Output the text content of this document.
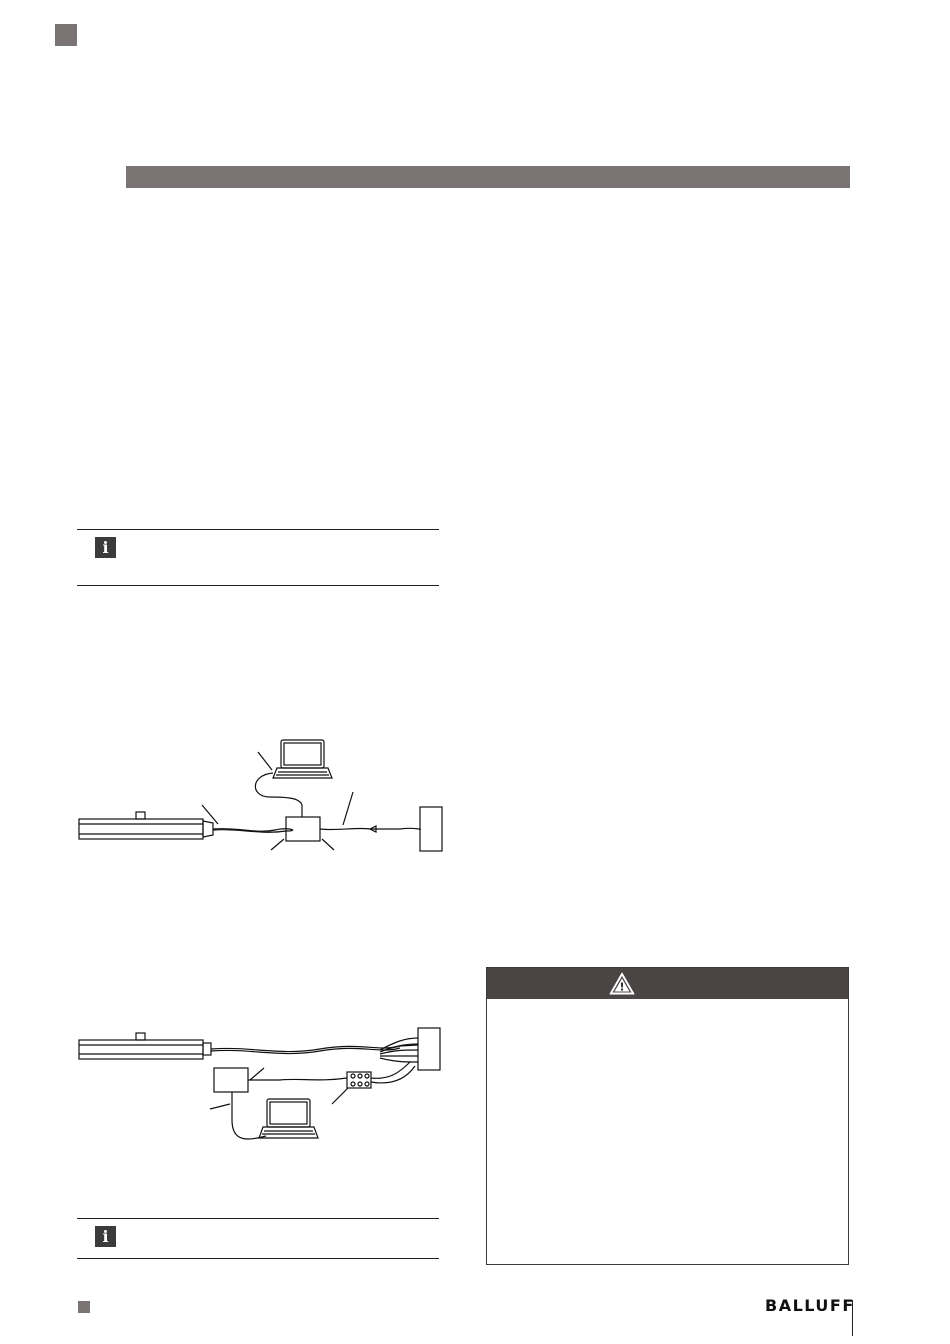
i
i
!
BALLUFF
